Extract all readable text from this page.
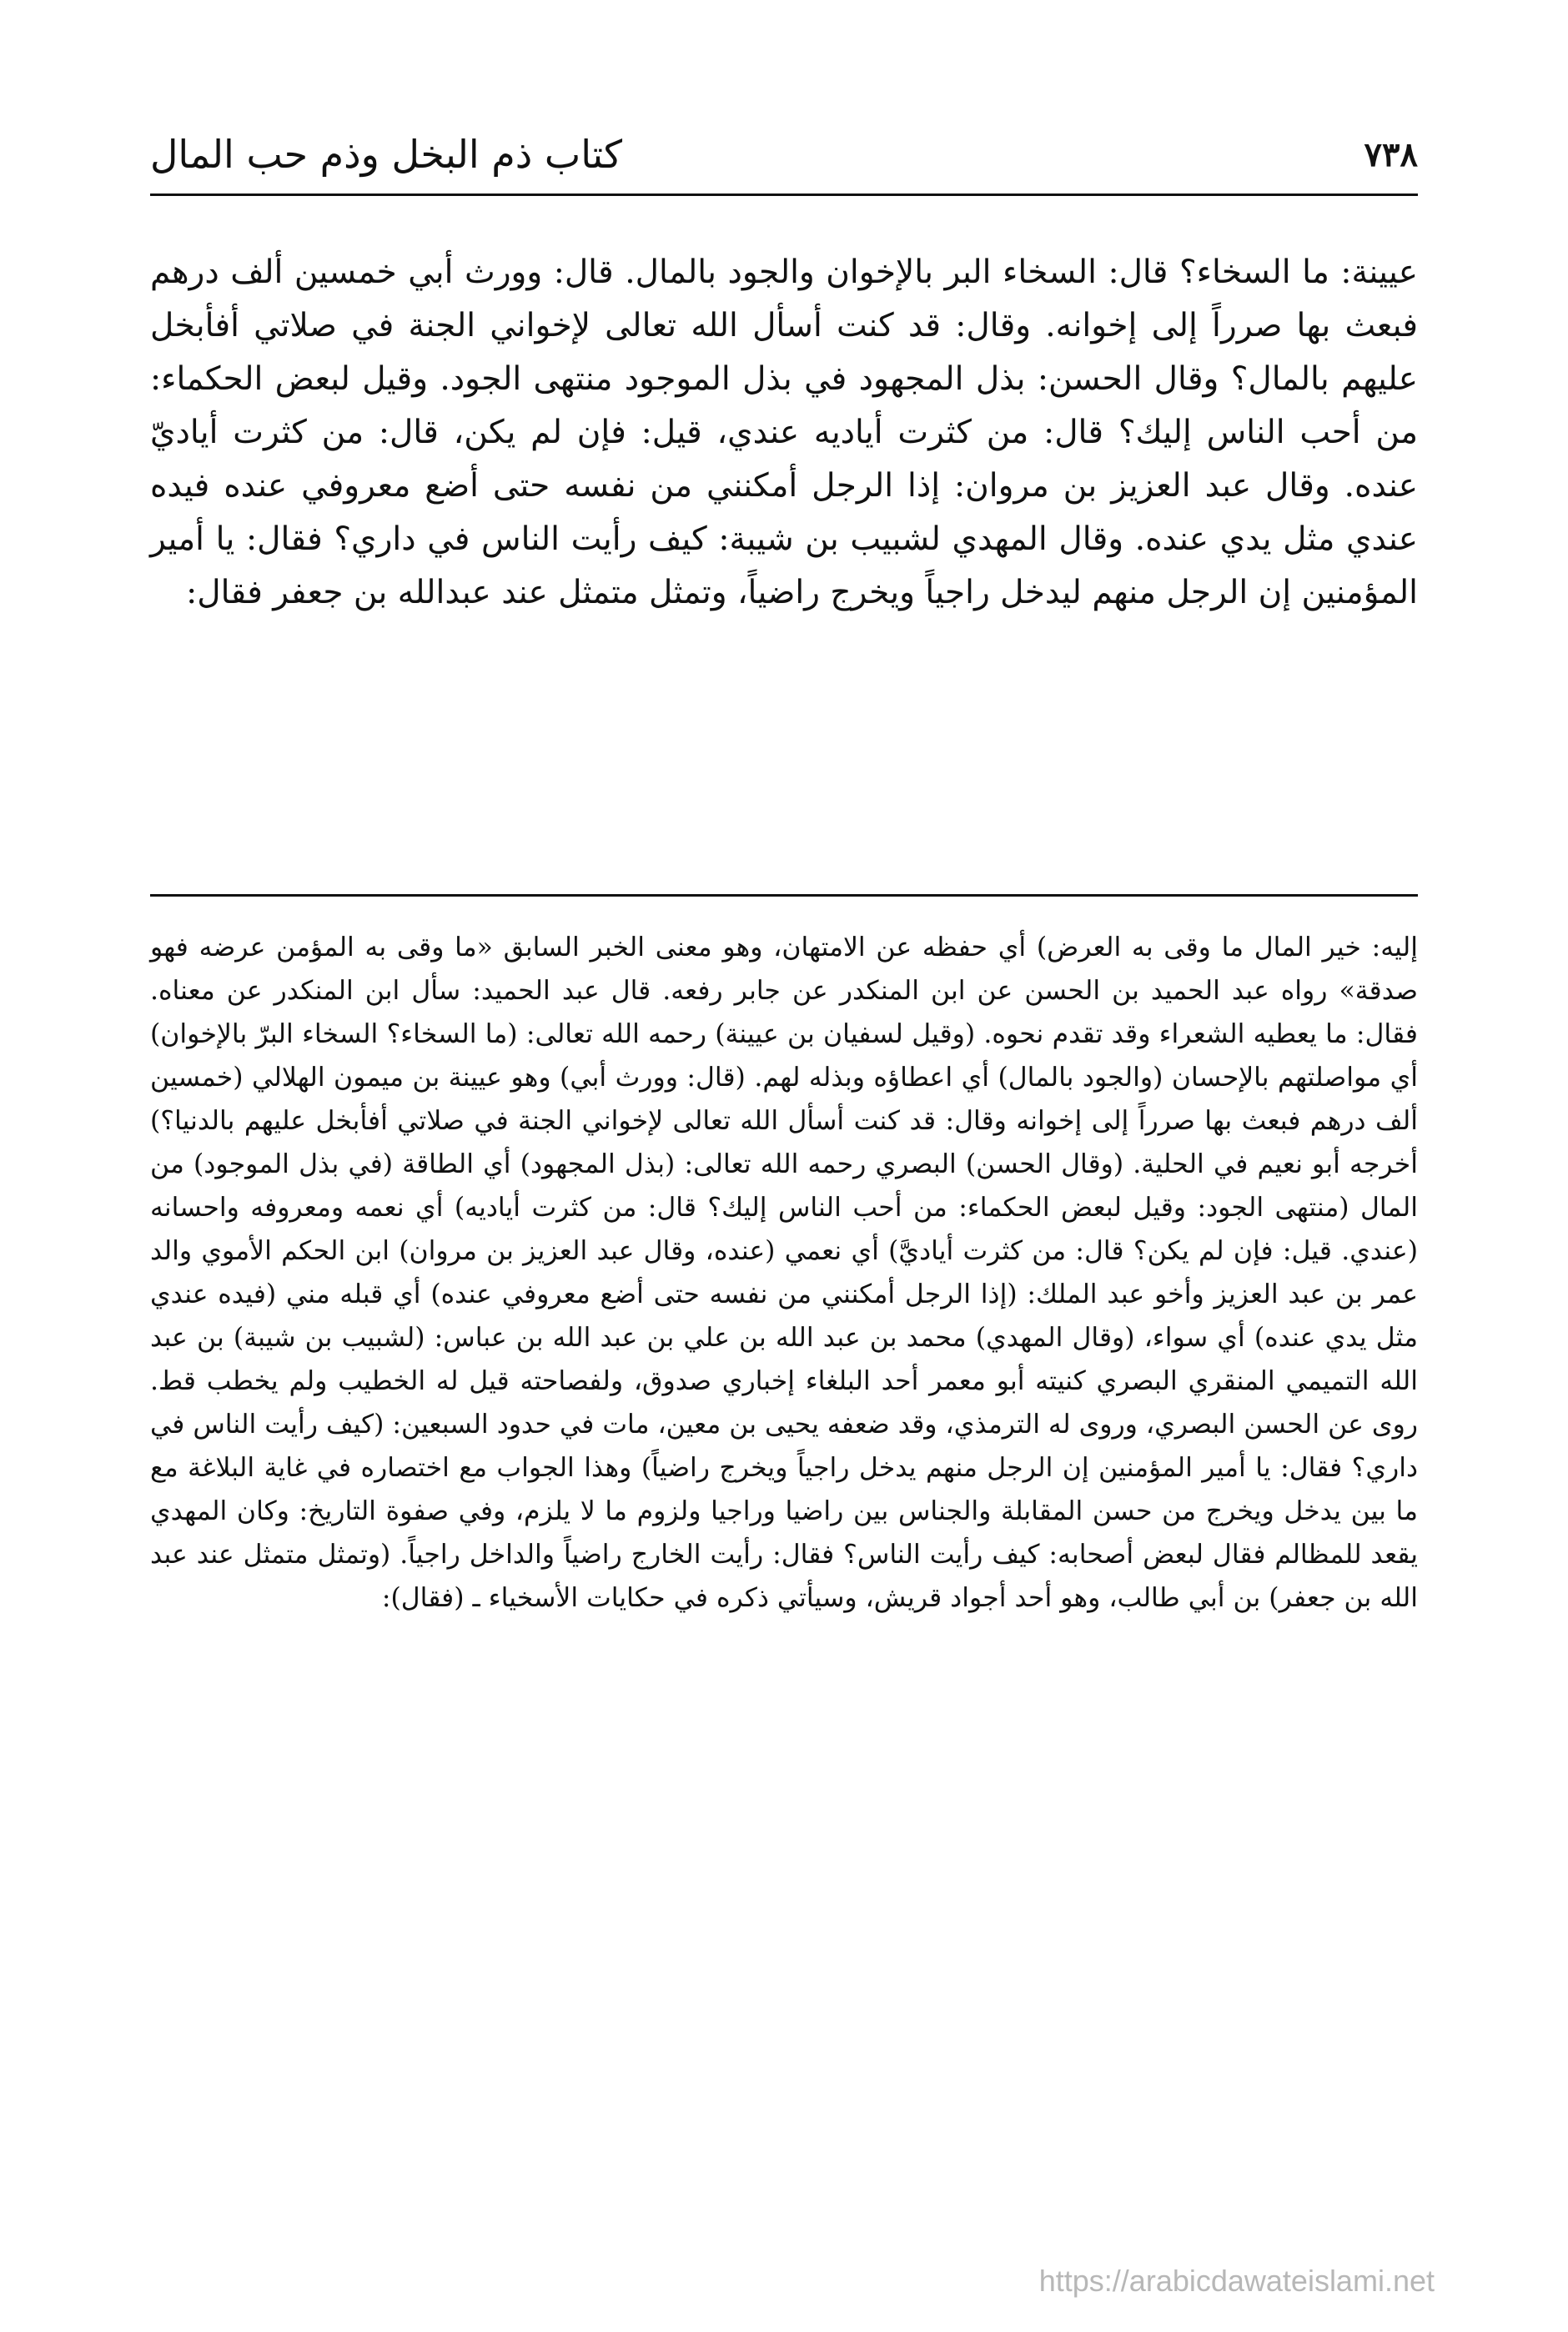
٧٣٨
كتاب ذم البخل وذم حب المال

عيينة: ما السخاء؟ قال: السخاء البر بالإخوان والجود بالمال. قال: وورث أبي خمسين ألف درهم فبعث بها صرراً إلى إخوانه. وقال: قد كنت أسأل الله تعالى لإخواني الجنة في صلاتي أفأبخل عليهم بالمال؟ وقال الحسن: بذل المجهود في بذل الموجود منتهى الجود. وقيل لبعض الحكماء: من أحب الناس إليك؟ قال: من كثرت أياديه عندي، قيل: فإن لم يكن، قال: من كثرت أياديّ عنده. وقال عبد العزيز بن مروان: إذا الرجل أمكنني من نفسه حتى أضع معروفي عنده فيده عندي مثل يدي عنده. وقال المهدي لشبيب بن شيبة: كيف رأيت الناس في داري؟ فقال: يا أمير المؤمنين إن الرجل منهم ليدخل راجياً ويخرج راضياً، وتمثل متمثل عند عبدالله بن جعفر فقال:

إليه: خير المال ما وقى به العرض) أي حفظه عن الامتهان، وهو معنى الخبر السابق «ما وقى به المؤمن عرضه فهو صدقة» رواه عبد الحميد بن الحسن عن ابن المنكدر عن جابر رفعه. قال عبد الحميد: سأل ابن المنكدر عن معناه. فقال: ما يعطيه الشعراء وقد تقدم نحوه. (وقيل لسفيان بن عيينة) رحمه الله تعالى: (ما السخاء؟ السخاء البرّ بالإخوان) أي مواصلتهم بالإحسان (والجود بالمال) أي اعطاؤه وبذله لهم. (قال: وورث أبي) وهو عيينة بن ميمون الهلالي (خمسين ألف درهم فبعث بها صرراً إلى إخوانه وقال: قد كنت أسأل الله تعالى لإخواني الجنة في صلاتي أفأبخل عليهم بالدنيا؟) أخرجه أبو نعيم في الحلية. (وقال الحسن) البصري رحمه الله تعالى: (بذل المجهود) أي الطاقة (في بذل الموجود) من المال (منتهى الجود: وقيل لبعض الحكماء: من أحب الناس إليك؟ قال: من كثرت أياديه) أي نعمه ومعروفه واحسانه (عندي. قيل: فإن لم يكن؟ قال: من كثرت أياديَّ) أي نعمي (عنده، وقال عبد العزيز بن مروان) ابن الحكم الأموي والد عمر بن عبد العزيز وأخو عبد الملك: (إذا الرجل أمكنني من نفسه حتى أضع معروفي عنده) أي قبله مني (فيده عندي مثل يدي عنده) أي سواء، (وقال المهدي) محمد بن عبد الله بن علي بن عبد الله بن عباس: (لشبيب بن شيبة) بن عبد الله التميمي المنقري البصري كنيته أبو معمر أحد البلغاء إخباري صدوق، ولفصاحته قيل له الخطيب ولم يخطب قط. روى عن الحسن البصري، وروى له الترمذي، وقد ضعفه يحيى بن معين، مات في حدود السبعين: (كيف رأيت الناس في داري؟ فقال: يا أمير المؤمنين إن الرجل منهم يدخل راجياً ويخرج راضياً) وهذا الجواب مع اختصاره في غاية البلاغة مع ما بين يدخل ويخرج من حسن المقابلة والجناس بين راضيا وراجيا ولزوم ما لا يلزم، وفي صفوة التاريخ: وكان المهدي يقعد للمظالم فقال لبعض أصحابه: كيف رأيت الناس؟ فقال: رأيت الخارج راضياً والداخل راجياً. (وتمثل متمثل عند عبد الله بن جعفر) بن أبي طالب، وهو أحد أجواد قريش، وسيأتي ذكره في حكايات الأسخياء ـ (فقال):

https://arabicdawateislami.net
